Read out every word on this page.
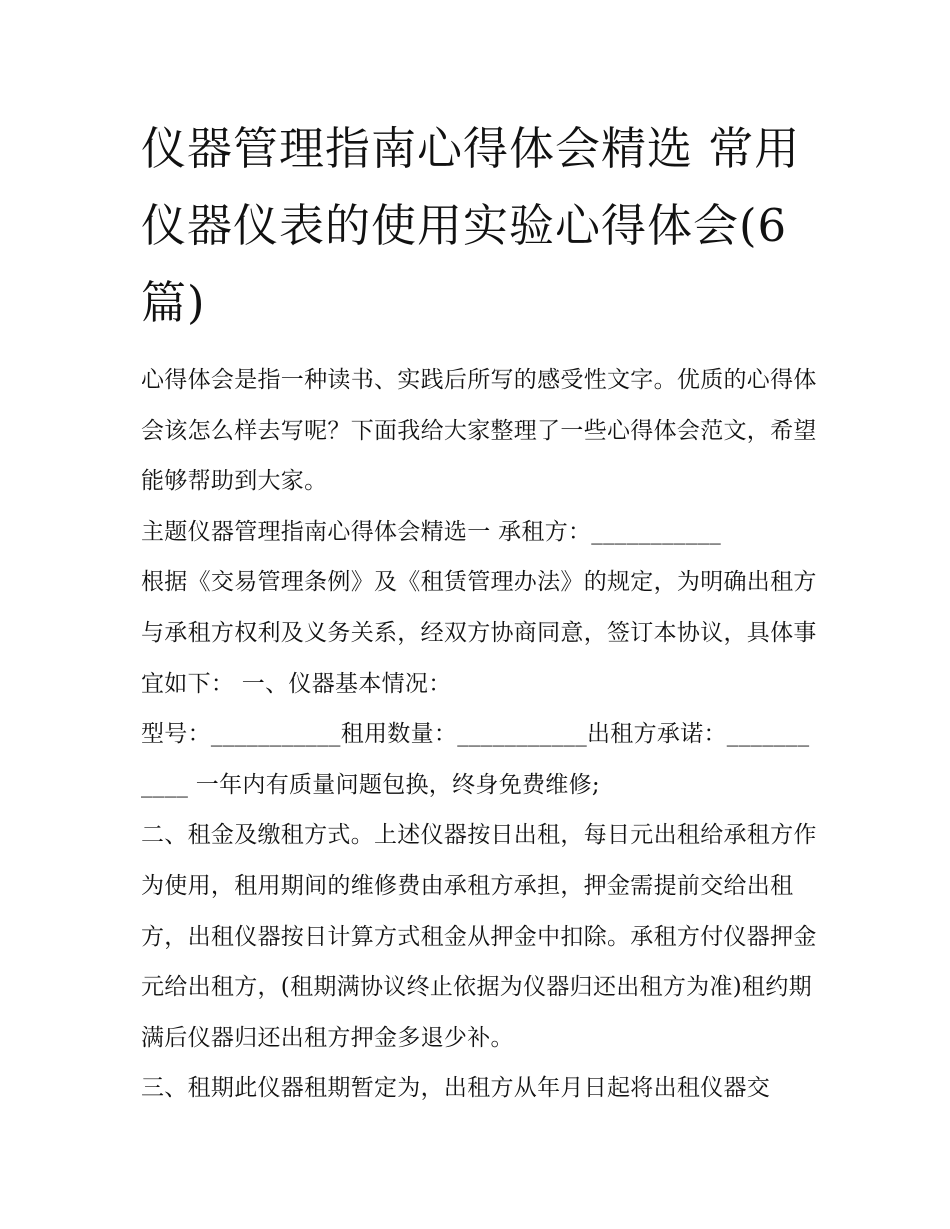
仪器管理指南心得体会精选 常用仪器仪表的使用实验心得体会(6篇)

心得体会是指一种读书、实践后所写的感受性文字。优质的心得体会该怎么样去写呢？下面我给大家整理了一些心得体会范文，希望能够帮助到大家。

主题仪器管理指南心得体会精选一 承租方：___________

根据《交易管理条例》及《租赁管理办法》的规定，为明确出租方与承租方权利及义务关系，经双方协商同意，签订本协议，具体事宜如下： 一、仪器基本情况：

型号：___________租用数量：___________出租方承诺：___________ 一年内有质量问题包换，终身免费维修;

二、租金及缴租方式。上述仪器按日出租，每日元出租给承租方作为使用，租用期间的维修费由承租方承担，押金需提前交给出租方，出租仪器按日计算方式租金从押金中扣除。承租方付仪器押金元给出租方，(租期满协议终止依据为仪器归还出租方为准)租约期满后仪器归还出租方押金多退少补。

三、租期此仪器租期暂定为，出租方从年月日起将出租仪器交
